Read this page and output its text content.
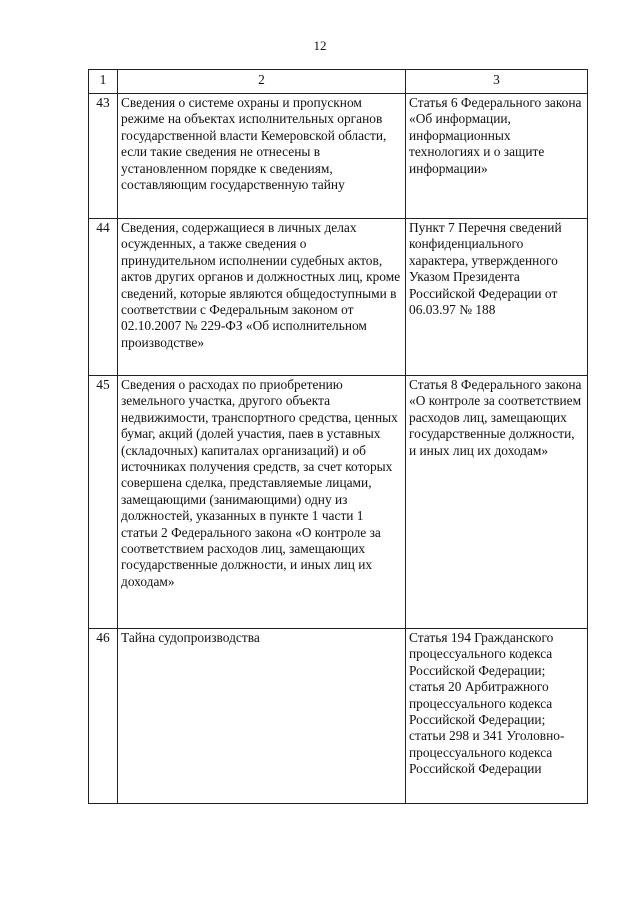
12
1	2	3
43	Сведения о системе охраны и пропускном режиме на объектах исполнительных органов государственной власти Кемеровской области, если такие сведения не отнесены в установленном порядке к сведениям, составляющим государственную тайну	Статья 6 Федерального закона «Об информации, информационных технологиях и о защите информации»
44	Сведения, содержащиеся в личных делах осужденных, а также сведения о принудительном исполнении судебных актов, актов других органов и должностных лиц, кроме сведений, которые являются общедоступными в соответствии с Федеральным законом от 02.10.2007 № 229-ФЗ «Об исполнительном производстве»	Пункт 7 Перечня сведений конфиденциального характера, утвержденного Указом Президента Российской Федерации от 06.03.97 № 188
45	Сведения о расходах по приобретению земельного участка, другого объекта недвижимости, транспортного средства, ценных бумаг, акций (долей участия, паев в уставных (складочных) капиталах организаций) и об источниках получения средств, за счет которых совершена сделка, представляемые лицами, замещающими (занимающими) одну из должностей, указанных в пункте 1 части 1 статьи 2 Федерального закона «О контроле за соответствием расходов лиц, замещающих государственные должности, и иных лиц их доходам»	Статья 8 Федерального закона «О контроле за соответствием расходов лиц, замещающих государственные должности, и иных лиц их доходам»
46	Тайна судопроизводства	Статья 194 Гражданского процессуального кодекса Российской Федерации; статья 20 Арбитражного процессуального кодекса Российской Федерации; статьи 298 и 341 Уголовно-процессуального кодекса Российской Федерации
